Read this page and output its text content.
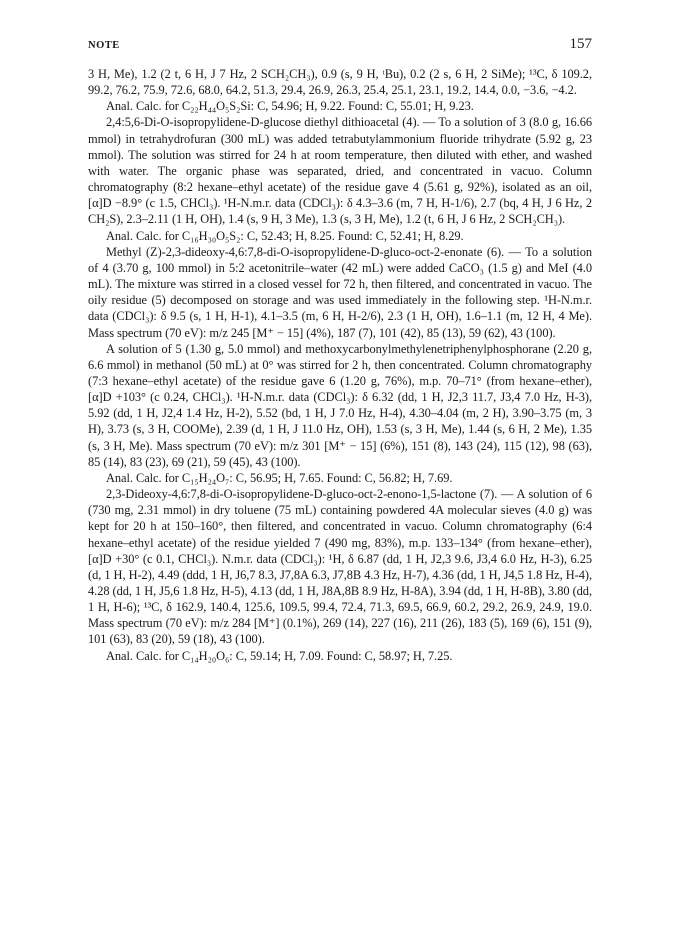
NOTE	157

3 H, Me), 1.2 (2 t, 6 H, J 7 Hz, 2 SCH₂CH₃), 0.9 (s, 9 H, ᵗBu), 0.2 (2 s, 6 H, 2 SiMe); ¹³C, δ 109.2, 99.2, 76.2, 75.9, 72.6, 68.0, 64.2, 51.3, 29.4, 26.9, 26.3, 25.4, 25.1, 23.1, 19.2, 14.4, 0.0, −3.6, −4.2.

Anal. Calc. for C₂₂H₄₄O₅S₂Si: C, 54.96; H, 9.22. Found: C, 55.01; H, 9.23.

2,4:5,6-Di-O-isopropylidene-D-glucose diethyl dithioacetal (4). — To a solution of 3 (8.0 g, 16.66 mmol) in tetrahydrofuran (300 mL) was added tetrabutylammonium fluoride trihydrate (5.92 g, 23 mmol). The solution was stirred for 24 h at room temperature, then diluted with ether, and washed with water. The organic phase was separated, dried, and concentrated in vacuo. Column chromatography (8:2 hexane–ethyl acetate) of the residue gave 4 (5.61 g, 92%), isolated as an oil, [α]D −8.9° (c 1.5, CHCl₃). ¹H-N.m.r. data (CDCl₃): δ 4.3–3.6 (m, 7 H, H-1/6), 2.7 (bq, 4 H, J 6 Hz, 2 CH₂S), 2.3–2.11 (1 H, OH), 1.4 (s, 9 H, 3 Me), 1.3 (s, 3 H, Me), 1.2 (t, 6 H, J 6 Hz, 2 SCH₂CH₃).

Anal. Calc. for C₁₆H₃₀O₅S₂: C, 52.43; H, 8.25. Found: C, 52.41; H, 8.29.

Methyl (Z)-2,3-dideoxy-4,6:7,8-di-O-isopropylidene-D-gluco-oct-2-enonate (6). — To a solution of 4 (3.70 g, 100 mmol) in 5:2 acetonitrile–water (42 mL) were added CaCO₃ (1.5 g) and MeI (4.0 mL). The mixture was stirred in a closed vessel for 72 h, then filtered, and concentrated in vacuo. The oily residue (5) decomposed on storage and was used immediately in the following step. ¹H-N.m.r. data (CDCl₃): δ 9.5 (s, 1 H, H-1), 4.1–3.5 (m, 6 H, H-2/6), 2.3 (1 H, OH), 1.6–1.1 (m, 12 H, 4 Me). Mass spectrum (70 eV): m/z 245 [M⁺ − 15] (4%), 187 (7), 101 (42), 85 (13), 59 (62), 43 (100).

A solution of 5 (1.30 g, 5.0 mmol) and methoxycarbonylmethylenetriphenylphosphorane (2.20 g, 6.6 mmol) in methanol (50 mL) at 0° was stirred for 2 h, then concentrated. Column chromatography (7:3 hexane–ethyl acetate) of the residue gave 6 (1.20 g, 76%), m.p. 70–71° (from hexane–ether), [α]D +103° (c 0.24, CHCl₃). ¹H-N.m.r. data (CDCl₃): δ 6.32 (dd, 1 H, J2,3 11.7, J3,4 7.0 Hz, H-3), 5.92 (dd, 1 H, J2,4 1.4 Hz, H-2), 5.52 (bd, 1 H, J 7.0 Hz, H-4), 4.30–4.04 (m, 2 H), 3.90–3.75 (m, 3 H), 3.73 (s, 3 H, COOMe), 2.39 (d, 1 H, J 11.0 Hz, OH), 1.53 (s, 3 H, Me), 1.44 (s, 6 H, 2 Me), 1.35 (s, 3 H, Me). Mass spectrum (70 eV): m/z 301 [M⁺ − 15] (6%), 151 (8), 143 (24), 115 (12), 98 (63), 85 (14), 83 (23), 69 (21), 59 (45), 43 (100).

Anal. Calc. for C₁₅H₂₄O₇: C, 56.95; H, 7.65. Found: C, 56.82; H, 7.69.

2,3-Dideoxy-4,6:7,8-di-O-isopropylidene-D-gluco-oct-2-enono-1,5-lactone (7). — A solution of 6 (730 mg, 2.31 mmol) in dry toluene (75 mL) containing powdered 4A molecular sieves (4.0 g) was kept for 20 h at 150–160°, then filtered, and concentrated in vacuo. Column chromatography (6:4 hexane–ethyl acetate) of the residue yielded 7 (490 mg, 83%), m.p. 133–134° (from hexane–ether), [α]D +30° (c 0.1, CHCl₃). N.m.r. data (CDCl₃): ¹H, δ 6.87 (dd, 1 H, J2,3 9.6, J3,4 6.0 Hz, H-3), 6.25 (d, 1 H, H-2), 4.49 (ddd, 1 H, J6,7 8.3, J7,8A 6.3, J7,8B 4.3 Hz, H-7), 4.36 (dd, 1 H, J4,5 1.8 Hz, H-4), 4.28 (dd, 1 H, J5,6 1.8 Hz, H-5), 4.13 (dd, 1 H, J8A,8B 8.9 Hz, H-8A), 3.94 (dd, 1 H, H-8B), 3.80 (dd, 1 H, H-6); ¹³C, δ 162.9, 140.4, 125.6, 109.5, 99.4, 72.4, 71.3, 69.5, 66.9, 60.2, 29.2, 26.9, 24.9, 19.0. Mass spectrum (70 eV): m/z 284 [M⁺] (0.1%), 269 (14), 227 (16), 211 (26), 183 (5), 169 (6), 151 (9), 101 (63), 83 (20), 59 (18), 43 (100).

Anal. Calc. for C₁₄H₂₀O₆: C, 59.14; H, 7.09. Found: C, 58.97; H, 7.25.
